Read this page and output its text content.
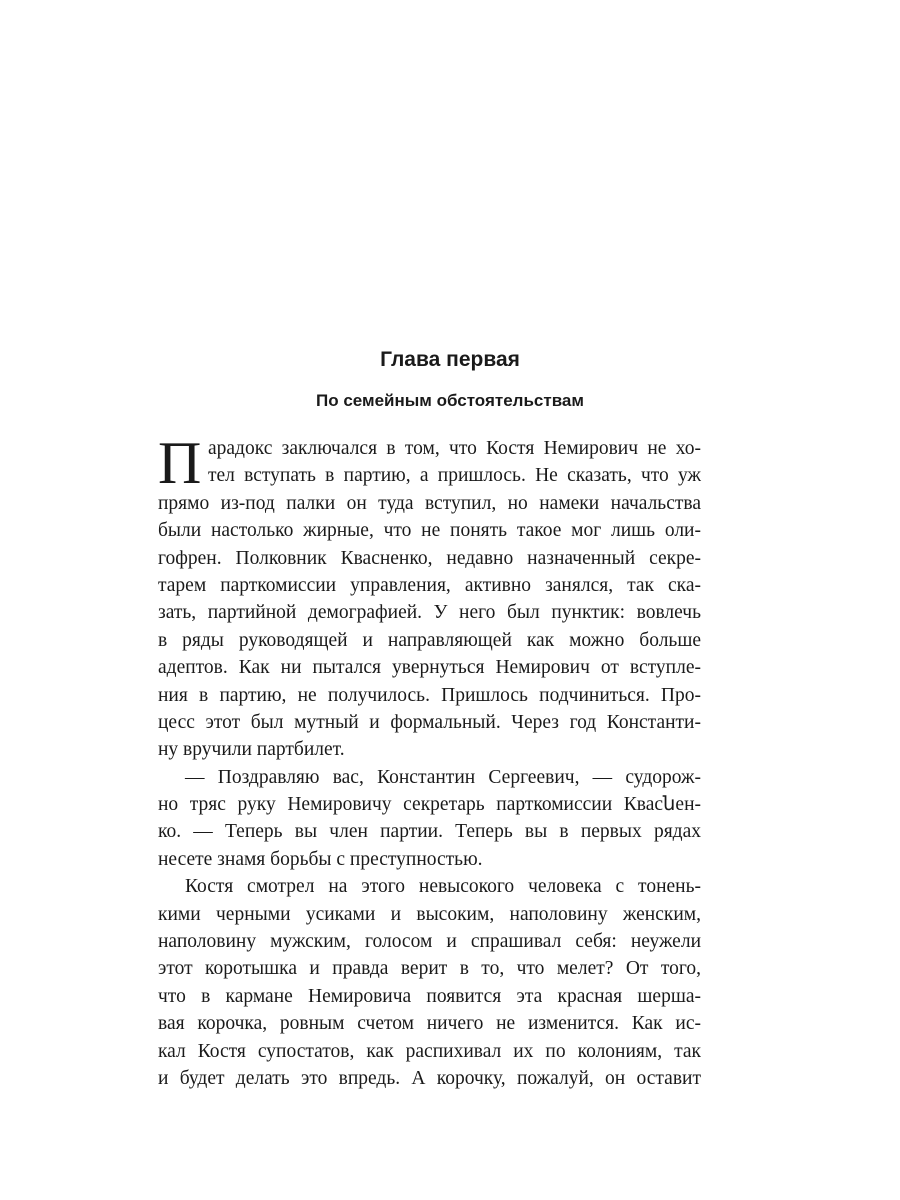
Глава первая
По семейным обстоятельствам
П арадокс заключался в том, что Костя Немирович не хо-
тел вступать в партию, а пришлось. Не сказать, что уж
прямо из-под палки он туда вступил, но намеки начальства
были настолько жирные, что не понять такое мог лишь оли-
гофрен. Полковник Квасненко, недавно назначенный секре-
тарем парткомиссии управления, активно занялся, так ска-
зать, партийной демографией. У него был пунктик: вовлечь
в ряды руководящей и направляющей как можно больше
адептов. Как ни пытался увернуться Немирович от вступле-
ния в партию, не получилось. Пришлось подчиниться. Про-
цесс этот был мутный и формальный. Через год Константи-
ну вручили партбилет.
— Поздравляю вас, Константин Сергеевич, — судорож-
но тряс руку Немировичу секретарь парткомиссии Квасնен-
ко. — Теперь вы член партии. Теперь вы в первых рядах
несете знамя борьбы с преступностью.
Костя смотрел на этого невысокого человека с тонень-
кими черными усиками и высоким, наполовину женским,
наполовину мужским, голосом и спрашивал себя: неужели
этот коротышка и правда верит в то, что мелет? От того,
что в кармане Немировича появится эта красная шерша-
вая корочка, ровным счетом ничего не изменится. Как ис-
кал Костя супостатов, как распихивал их по колониям, так
и будет делать это впредь. А корочку, пожалуй, он оставит
